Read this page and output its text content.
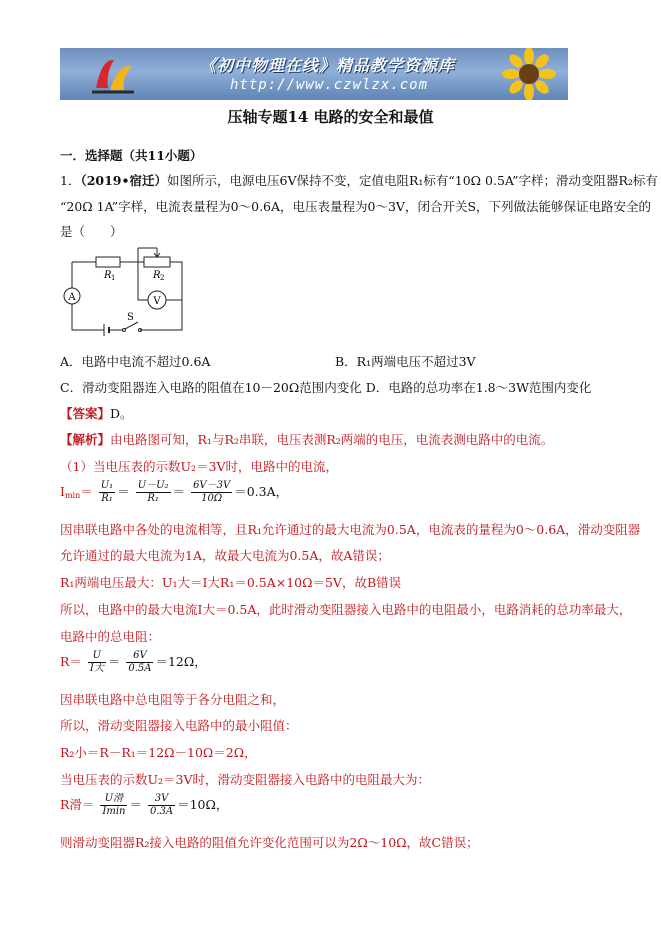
《初中物理在线》精品教学资源库
http://www.czwlzx.com
压轴专题14 电路的安全和最值
一．选择题（共11小题）
1．（2019•宿迁）如图所示，电源电压6V保持不变，定值电阻R₁标有“10Ω 0.5A”字样；滑动变阻器R₂标有
“20Ω 1A”字样，电流表量程为0～0.6A，电压表量程为0～3V，闭合开关S，下列做法能够保证电路安全的
是（　　）
A	V
R 1	R 2
S
A．电路中电流不超过0.6A	B．R₁两端电压不超过3V
C．滑动变阻器连入电路的阻值在10－20Ω范围内变化 D．电路的总功率在1.8～3W范围内变化
【答案】D。
【解析】由电路图可知，R₁与R₂串联，电压表测R₂两端的电压，电流表测电路中的电流。
（1）当电压表的示数U₂＝3V时，电路中的电流，
$I_{min}= \frac{\text{U₁}}{\text{R₁}} = \frac{\text{U－U₂}}{\text{R₁}} = \frac{6V-3V}{10\Omega} =0.3A$，
因串联电路中各处的电流相等，且R₁允许通过的最大电流为0.5A，电流表的量程为0～0.6A，滑动变阻器
允许通过的最大电流为1A，故最大电流为0.5A，故A错误；
R₁两端电压最大：U₁大＝I大R₁＝0.5A×10Ω＝5V，故B错误
所以，电路中的最大电流I大＝0.5A，此时滑动变阻器接入电路中的电阻最小，电路消耗的总功率最大，
电路中的总电阻：
$R= \frac{U}{\text{I大}} = \frac{6V}{0.5A} =12\Omega$，
因串联电路中总电阻等于各分电阻之和，
所以，滑动变阻器接入电路中的最小阻值：
R₂小＝R－R₁＝12Ω－10Ω＝2Ω，
当电压表的示数U₂＝3V时，滑动变阻器接入电路中的电阻最大为：
R滑＝ $\frac{\text{U滑}}{Imin} = \frac{3V}{0.3A} =10\Omega$，
则滑动变阻器R₂接入电路的阻值允许变化范围可以为2Ω～10Ω，故C错误；
